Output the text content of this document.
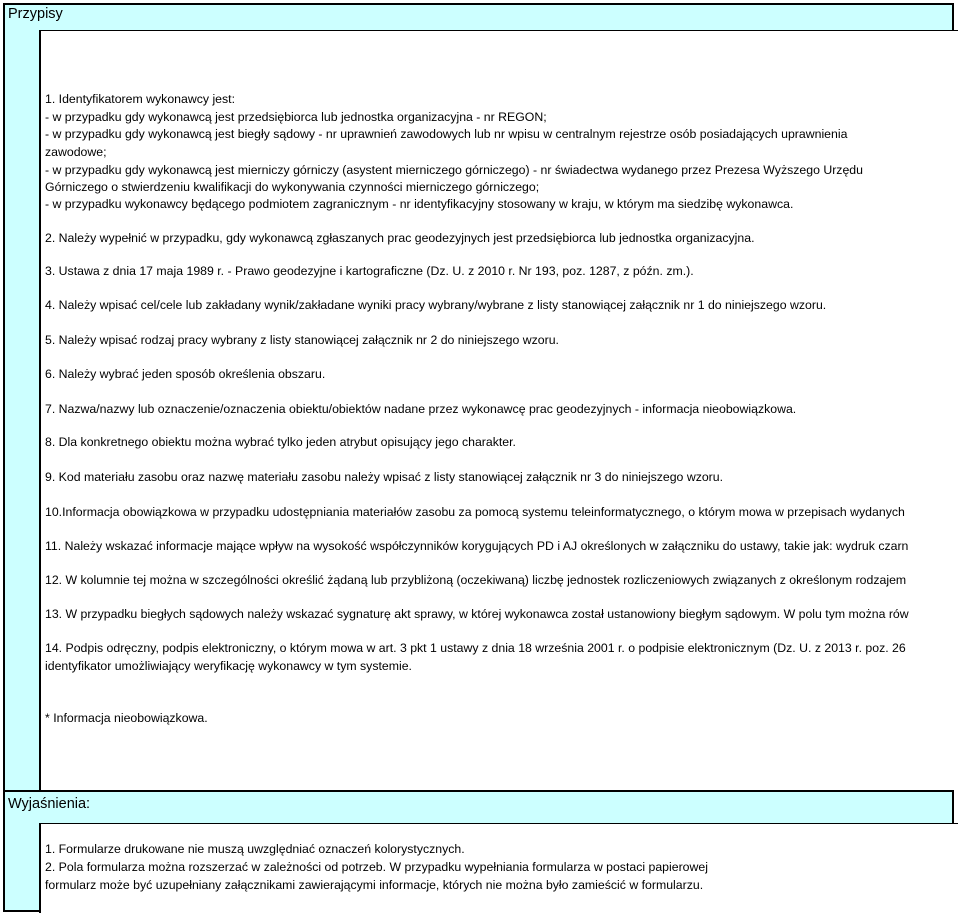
Przypisy

1. Identyfikatorem wykonawcy jest:

- w przypadku gdy wykonawcą jest przedsiębiorca lub jednostka organizacyjna - nr REGON;

- w przypadku gdy wykonawcą jest biegły sądowy - nr uprawnień zawodowych lub nr wpisu w centralnym rejestrze osób posiadających uprawnienia

zawodowe;

- w przypadku gdy wykonawcą jest mierniczy górniczy (asystent mierniczego górniczego) - nr świadectwa wydanego przez Prezesa Wyższego Urzędu

Górniczego o stwierdzeniu kwalifikacji do wykonywania czynności mierniczego górniczego;

- w przypadku wykonawcy będącego podmiotem zagranicznym - nr identyfikacyjny stosowany w kraju, w którym ma siedzibę wykonawca.

2. Należy wypełnić w przypadku, gdy wykonawcą zgłaszanych prac geodezyjnych jest przedsiębiorca lub jednostka organizacyjna.

3. Ustawa z dnia 17 maja 1989 r. - Prawo geodezyjne i kartograficzne (Dz. U. z 2010 r. Nr 193, poz. 1287, z późn. zm.).

4. Należy wpisać cel/cele lub zakładany wynik/zakładane wyniki pracy wybrany/wybrane z listy stanowiącej załącznik nr 1 do niniejszego wzoru.

5. Należy wpisać rodzaj pracy wybrany z listy stanowiącej załącznik nr 2 do niniejszego wzoru.

6. Należy wybrać jeden sposób określenia obszaru.

7. Nazwa/nazwy lub oznaczenie/oznaczenia obiektu/obiektów nadane przez wykonawcę prac geodezyjnych - informacja nieobowiązkowa.

8. Dla konkretnego obiektu można wybrać tylko jeden atrybut opisujący jego charakter.

9. Kod materiału zasobu oraz nazwę materiału zasobu należy wpisać z listy stanowiącej załącznik nr 3 do niniejszego wzoru.

10.Informacja obowiązkowa w przypadku udostępniania materiałów zasobu za pomocą systemu teleinformatycznego, o którym mowa w przepisach wydanych

11. Należy wskazać informacje mające wpływ na wysokość współczynników korygujących PD i AJ określonych w załączniku do ustawy, takie jak: wydruk czarn

12. W kolumnie tej można w szczególności określić żądaną lub przybliżoną (oczekiwaną) liczbę jednostek rozliczeniowych związanych z określonym rodzajem

13. W przypadku biegłych sądowych należy wskazać sygnaturę akt sprawy, w której wykonawca został ustanowiony biegłym sądowym. W polu tym można rów

14. Podpis odręczny, podpis elektroniczny, o którym mowa w art. 3 pkt 1 ustawy z dnia 18 września 2001 r. o podpisie elektronicznym (Dz. U. z 2013 r. poz. 26

identyfikator umożliwiający weryfikację wykonawcy w tym systemie.

* Informacja nieobowiązkowa.

Wyjaśnienia:

1. Formularze drukowane nie muszą uwzględniać oznaczeń kolorystycznych.

2. Pola formularza można rozszerzać w zależności od potrzeb. W przypadku wypełniania formularza w postaci papierowej

formularz może być uzupełniany załącznikami zawierającymi informacje, których nie można było zamieścić w formularzu.
